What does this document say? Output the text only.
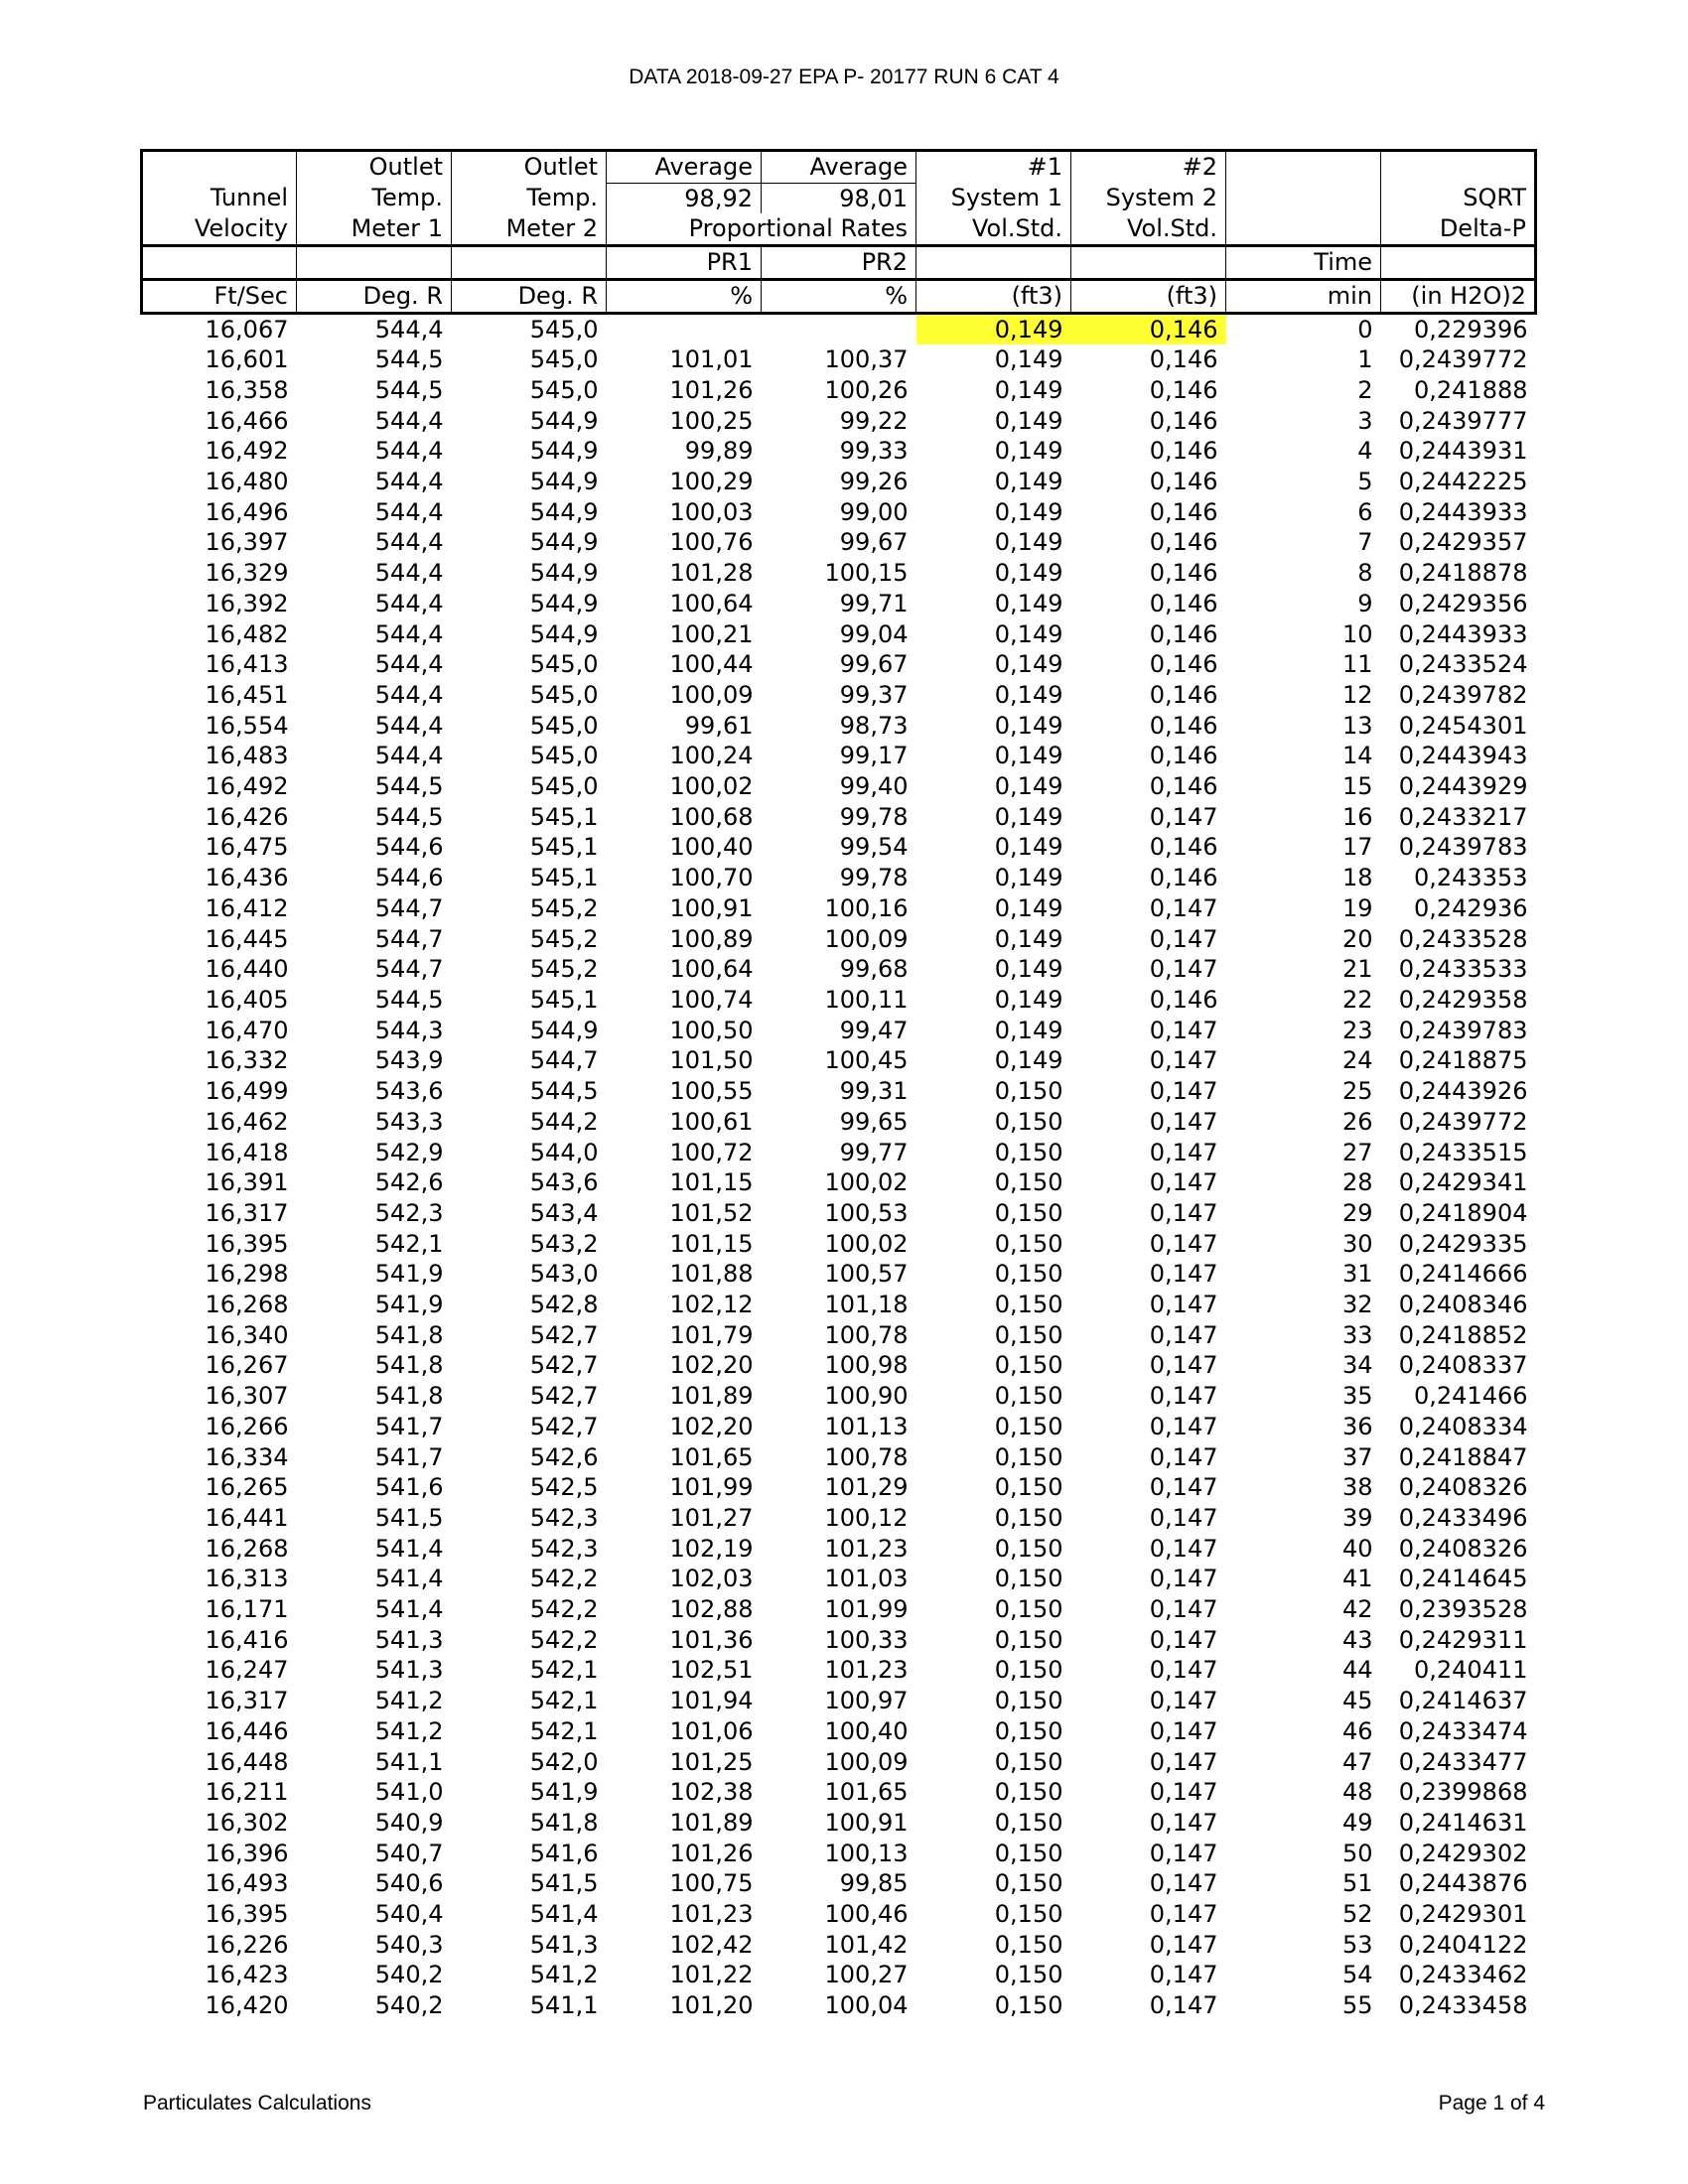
DATA 2018-09-27 EPA P- 20177 RUN 6 CAT 4
	Outlet	Outlet	Average	Average	#1	#2		
Tunnel	Temp.	Temp.	98,92	98,01	System 1	System 2		SQRT
Velocity	Meter 1	Meter 2	Proportional Rates		Vol.Std.	Vol.Std.		Delta-P
			PR1	PR2			Time	
Ft/Sec	Deg. R	Deg. R	%	%	(ft3)	(ft3)	min	(in H2O)2
16,067	544,4	545,0			0,149	0,146	0	0,229396
16,601	544,5	545,0	101,01	100,37	0,149	0,146	1	0,2439772
16,358	544,5	545,0	101,26	100,26	0,149	0,146	2	0,241888
16,466	544,4	544,9	100,25	99,22	0,149	0,146	3	0,2439777
16,492	544,4	544,9	99,89	99,33	0,149	0,146	4	0,2443931
16,480	544,4	544,9	100,29	99,26	0,149	0,146	5	0,2442225
16,496	544,4	544,9	100,03	99,00	0,149	0,146	6	0,2443933
16,397	544,4	544,9	100,76	99,67	0,149	0,146	7	0,2429357
16,329	544,4	544,9	101,28	100,15	0,149	0,146	8	0,2418878
16,392	544,4	544,9	100,64	99,71	0,149	0,146	9	0,2429356
16,482	544,4	544,9	100,21	99,04	0,149	0,146	10	0,2443933
16,413	544,4	545,0	100,44	99,67	0,149	0,146	11	0,2433524
16,451	544,4	545,0	100,09	99,37	0,149	0,146	12	0,2439782
16,554	544,4	545,0	99,61	98,73	0,149	0,146	13	0,2454301
16,483	544,4	545,0	100,24	99,17	0,149	0,146	14	0,2443943
16,492	544,5	545,0	100,02	99,40	0,149	0,146	15	0,2443929
16,426	544,5	545,1	100,68	99,78	0,149	0,147	16	0,2433217
16,475	544,6	545,1	100,40	99,54	0,149	0,146	17	0,2439783
16,436	544,6	545,1	100,70	99,78	0,149	0,146	18	0,243353
16,412	544,7	545,2	100,91	100,16	0,149	0,147	19	0,242936
16,445	544,7	545,2	100,89	100,09	0,149	0,147	20	0,2433528
16,440	544,7	545,2	100,64	99,68	0,149	0,147	21	0,2433533
16,405	544,5	545,1	100,74	100,11	0,149	0,146	22	0,2429358
16,470	544,3	544,9	100,50	99,47	0,149	0,147	23	0,2439783
16,332	543,9	544,7	101,50	100,45	0,149	0,147	24	0,2418875
16,499	543,6	544,5	100,55	99,31	0,150	0,147	25	0,2443926
16,462	543,3	544,2	100,61	99,65	0,150	0,147	26	0,2439772
16,418	542,9	544,0	100,72	99,77	0,150	0,147	27	0,2433515
16,391	542,6	543,6	101,15	100,02	0,150	0,147	28	0,2429341
16,317	542,3	543,4	101,52	100,53	0,150	0,147	29	0,2418904
16,395	542,1	543,2	101,15	100,02	0,150	0,147	30	0,2429335
16,298	541,9	543,0	101,88	100,57	0,150	0,147	31	0,2414666
16,268	541,9	542,8	102,12	101,18	0,150	0,147	32	0,2408346
16,340	541,8	542,7	101,79	100,78	0,150	0,147	33	0,2418852
16,267	541,8	542,7	102,20	100,98	0,150	0,147	34	0,2408337
16,307	541,8	542,7	101,89	100,90	0,150	0,147	35	0,241466
16,266	541,7	542,7	102,20	101,13	0,150	0,147	36	0,2408334
16,334	541,7	542,6	101,65	100,78	0,150	0,147	37	0,2418847
16,265	541,6	542,5	101,99	101,29	0,150	0,147	38	0,2408326
16,441	541,5	542,3	101,27	100,12	0,150	0,147	39	0,2433496
16,268	541,4	542,3	102,19	101,23	0,150	0,147	40	0,2408326
16,313	541,4	542,2	102,03	101,03	0,150	0,147	41	0,2414645
16,171	541,4	542,2	102,88	101,99	0,150	0,147	42	0,2393528
16,416	541,3	542,2	101,36	100,33	0,150	0,147	43	0,2429311
16,247	541,3	542,1	102,51	101,23	0,150	0,147	44	0,240411
16,317	541,2	542,1	101,94	100,97	0,150	0,147	45	0,2414637
16,446	541,2	542,1	101,06	100,40	0,150	0,147	46	0,2433474
16,448	541,1	542,0	101,25	100,09	0,150	0,147	47	0,2433477
16,211	541,0	541,9	102,38	101,65	0,150	0,147	48	0,2399868
16,302	540,9	541,8	101,89	100,91	0,150	0,147	49	0,2414631
16,396	540,7	541,6	101,26	100,13	0,150	0,147	50	0,2429302
16,493	540,6	541,5	100,75	99,85	0,150	0,147	51	0,2443876
16,395	540,4	541,4	101,23	100,46	0,150	0,147	52	0,2429301
16,226	540,3	541,3	102,42	101,42	0,150	0,147	53	0,2404122
16,423	540,2	541,2	101,22	100,27	0,150	0,147	54	0,2433462
16,420	540,2	541,1	101,20	100,04	0,150	0,147	55	0,2433458
Particulates Calculations	Page 1 of 4
